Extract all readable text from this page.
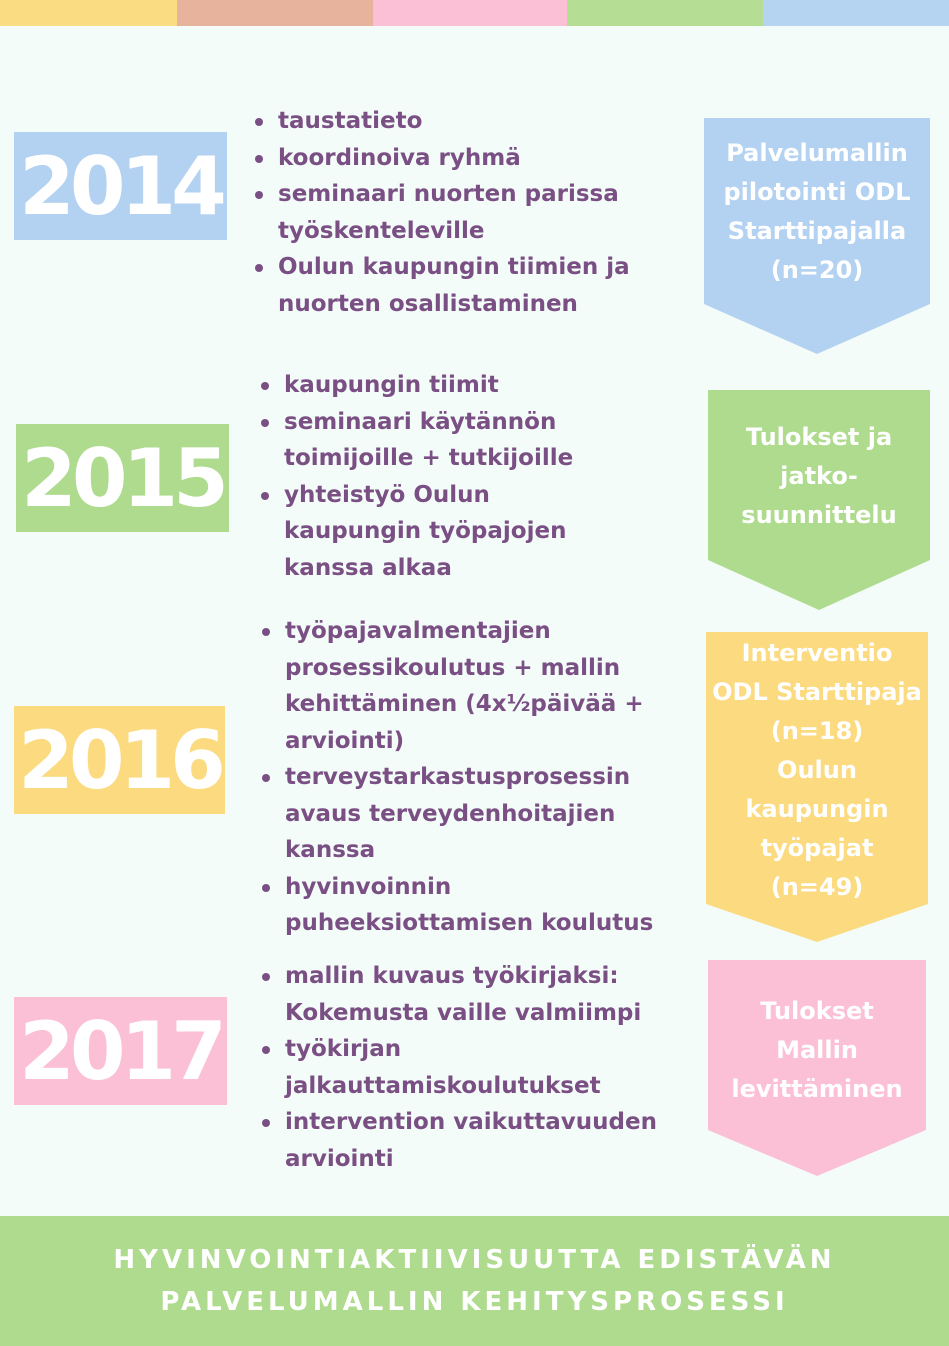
2014
taustatieto
koordinoiva ryhmä
seminaari nuorten parissa
työskenteleville
Oulun kaupungin tiimien ja
nuorten osallistaminen
Palvelumallin
pilotointi ODL
Starttipajalla
(n=20)
2015
kaupungin tiimit
seminaari käytännön
toimijoille + tutkijoille
yhteistyö Oulun
kaupungin työpajojen
kanssa alkaa
Tulokset ja
jatko-
suunnittelu
2016
työpajavalmentajien
prosessikoulutus + mallin
kehittäminen (4x½päivää +
arviointi)
terveystarkastusprosessin
avaus terveydenhoitajien
kanssa
hyvinvoinnin
puheeksiottamisen koulutus
Interventio
ODL Starttipaja
(n=18)
Oulun
kaupungin
työpajat
(n=49)
2017
mallin kuvaus työkirjaksi:
Kokemusta vaille valmiimpi
työkirjan
jalkauttamiskoulutukset
intervention vaikuttavuuden
arviointi
Tulokset
Mallin
levittäminen
HYVINVOINTIAKTIIVISUUTTA EDISTÄVÄN
PALVELUMALLIN KEHITYSPROSESSI
